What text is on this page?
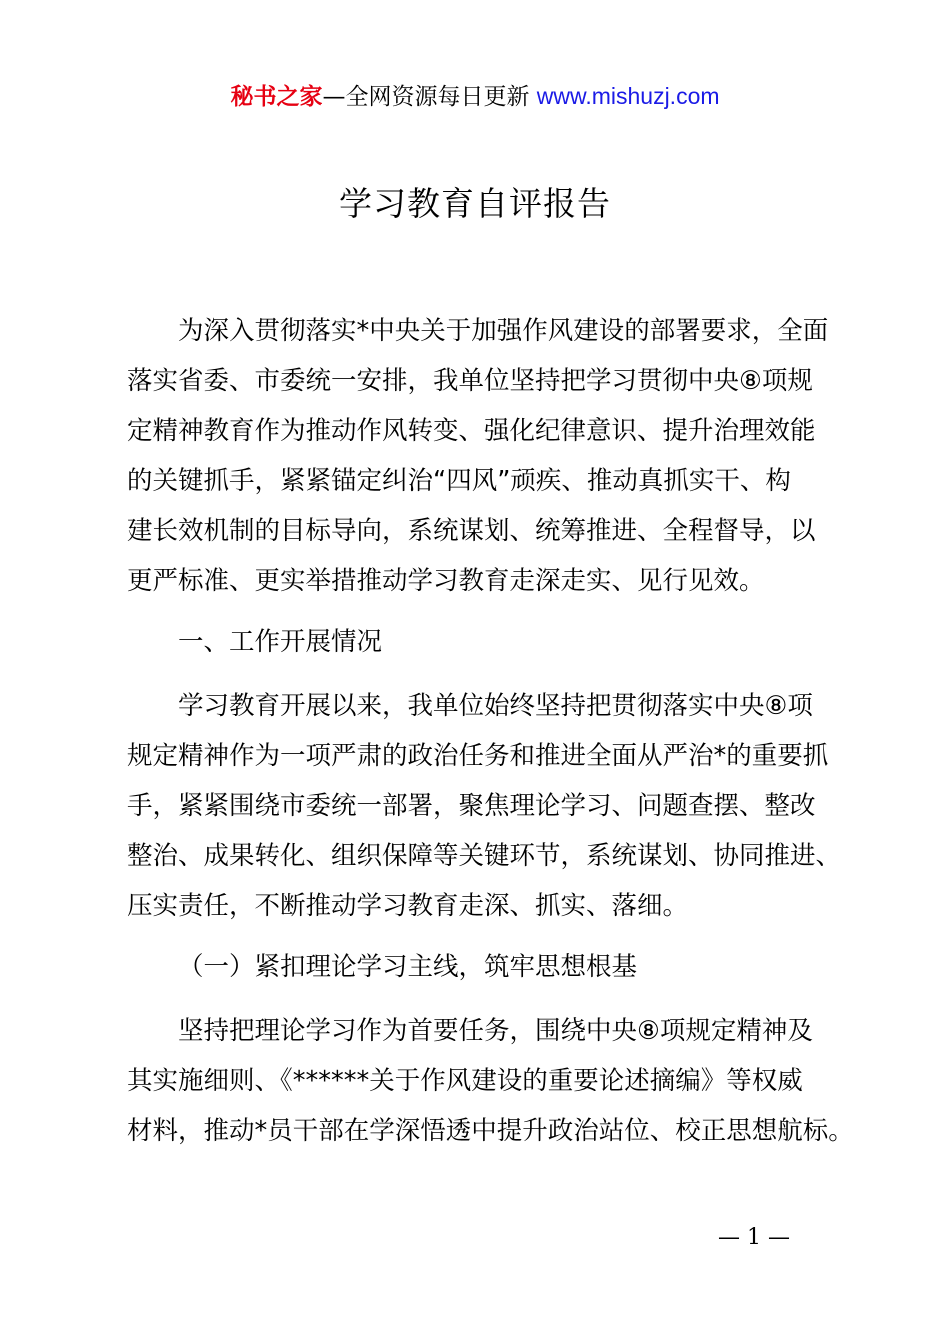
秘书之家—全网资源每日更新 www.mishuzj.com
学习教育自评报告
为深入贯彻落实*中央关于加强作风建设的部署要求，全面
落实省委、市委统一安排，我单位坚持把学习贯彻中央⑧项规
定精神教育作为推动作风转变、强化纪律意识、提升治理效能
的关键抓手，紧紧锚定纠治“四风”顽疾、推动真抓实干、构
建长效机制的目标导向，系统谋划、统筹推进、全程督导，以
更严标准、更实举措推动学习教育走深走实、见行见效。
一、工作开展情况
学习教育开展以来，我单位始终坚持把贯彻落实中央⑧项
规定精神作为一项严肃的政治任务和推进全面从严治*的重要抓
手，紧紧围绕市委统一部署，聚焦理论学习、问题查摆、整改
整治、成果转化、组织保障等关键环节，系统谋划、协同推进、
压实责任，不断推动学习教育走深、抓实、落细。
（一）紧扣理论学习主线，筑牢思想根基
坚持把理论学习作为首要任务，围绕中央⑧项规定精神及
其实施细则、《******关于作风建设的重要论述摘编》等权威
材料，推动*员干部在学深悟透中提升政治站位、校正思想航标。
— 1 —
